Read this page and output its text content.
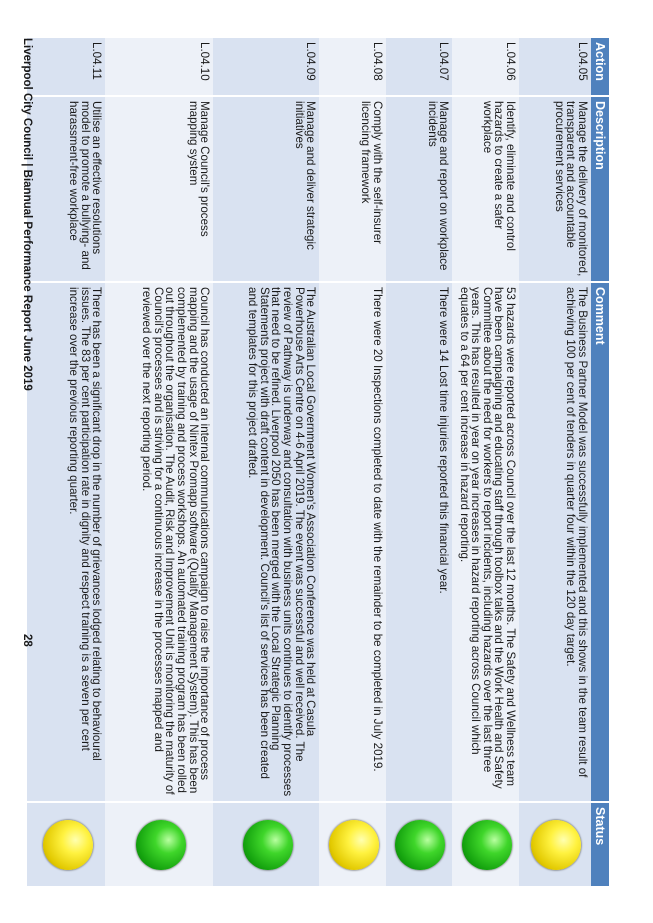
Action	Description	Comment	Status
L.04.05	Manage the delivery of monitored, transparent and accountable procurement services	The Business Partner Model was successfully implemented and this shows in the team result of achieving 100 per cent of tenders in quarter four within the 120 day target.	
L.04.06	Identify, eliminate and control hazards to create a safer workplace	53 hazards were reported across Council over the last 12 months. The Safety and Wellness team have been campaigning and educating staff through toolbox talks and the Work Health and Safety Committee about the need for workers to report incidents, including hazards over the last three years. This has resulted in year on year increases in hazard reporting across Council which equates to a 64 per cent increase in hazard reporting.	
L.04.07	Manage and report on workplace incidents	There were 14 Lost time injuries reported this financial year.	
L.04.08	Comply with the self-insurer licencing framework	There were 20 Inspections completed to date with the remainder to be completed in July 2019.	
L.04.09	Manage and deliver strategic initiatives	The Australian Local Government Women's Association Conference was held at Casula Powerhouse Arts Centre on 4-6 April 2019. The event was successful and well received. The review of Pathway is underway and consultation with business units continues to identify processes that need to be refined. Liverpool 2050 has been merged with the Local Strategic Planning Statements project with draft content in development. Council's list of services has been created and templates for this project drafted.	
L.04.10	Manage Council's process mapping system	Council has conducted an internal communications campaign to raise the importance of process mapping and the usage of Nintex Promapp software (Quality Management System). This has been complemented by training and process workshops. An automated training program has been rolled out throughout the organisation. The Audit, Risk and Improvement Unit is monitoring the maturity of Council's processes and is striving for a continuous increase in the processes mapped and reviewed over the next reporting period.	
L.04.11	Utilise an effective resolutions model to promote a bullying- and harassment-free workplace	There has been a significant drop in the number of grievances lodged relating to behavioural issues. The 83 per cent participation rate in dignity and respect training is a seven per cent increase over the previous reporting quarter.	
Liverpool City Council | Biannual Performance Report June 2019
28
